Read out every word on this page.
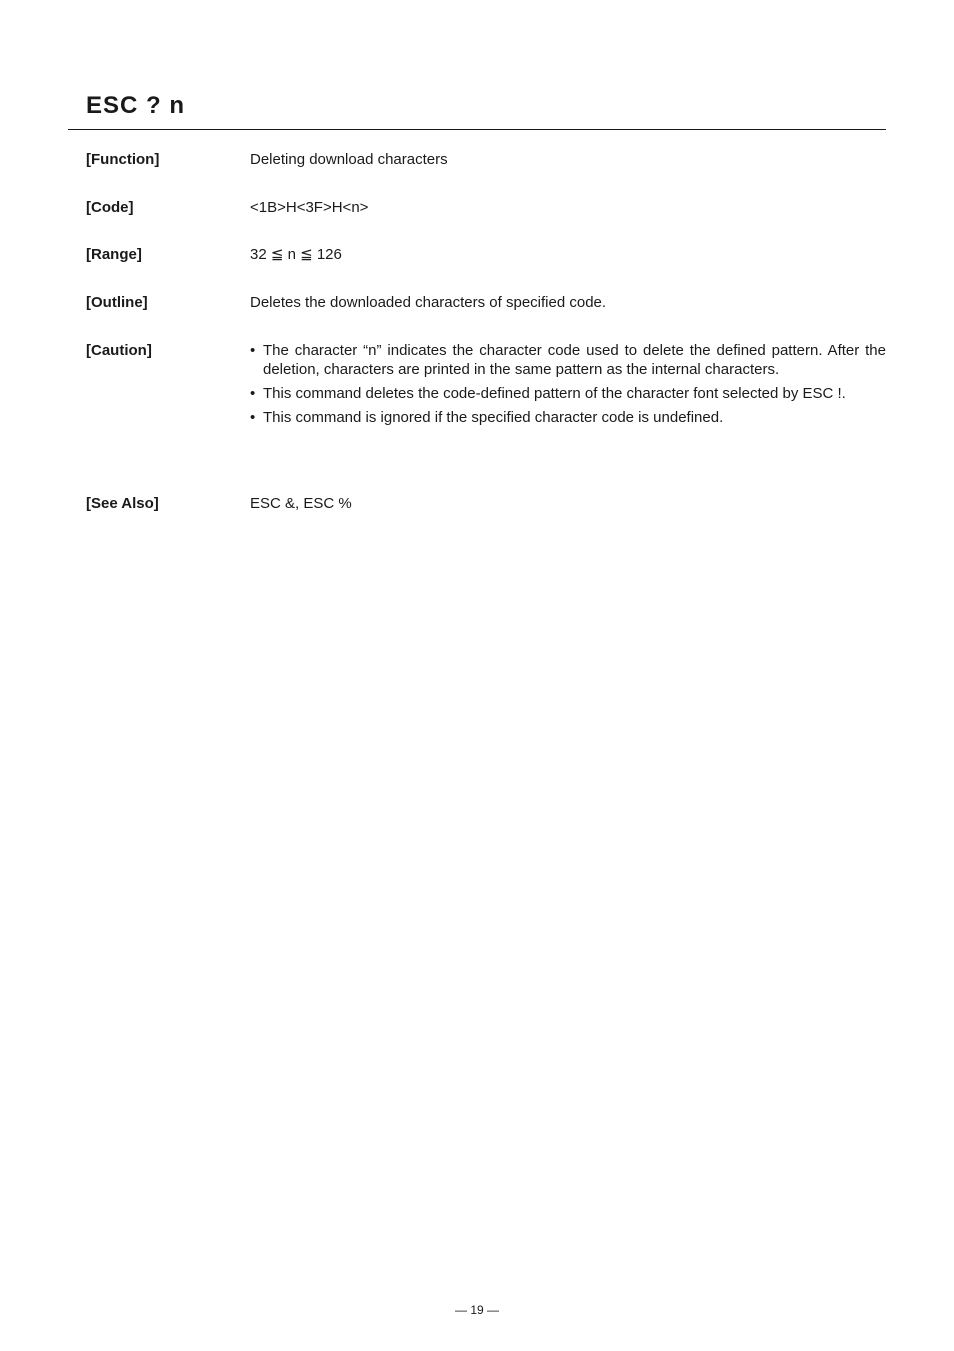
ESC ? n
[Function]	Deleting download characters
[Code]	<1B>H<3F>H<n>
[Range]	32 ≦ n ≦ 126
[Outline]	Deletes the downloaded characters of specified code.
[Caution]	• The character “n” indicates the character code used to delete the defined pattern. After the deletion, characters are printed in the same pattern as the internal characters.
• This command deletes the code-defined pattern of the character font selected by ESC !.
• This command is ignored if the specified character code is undefined.
[See Also]	ESC &, ESC %
— 19 —
